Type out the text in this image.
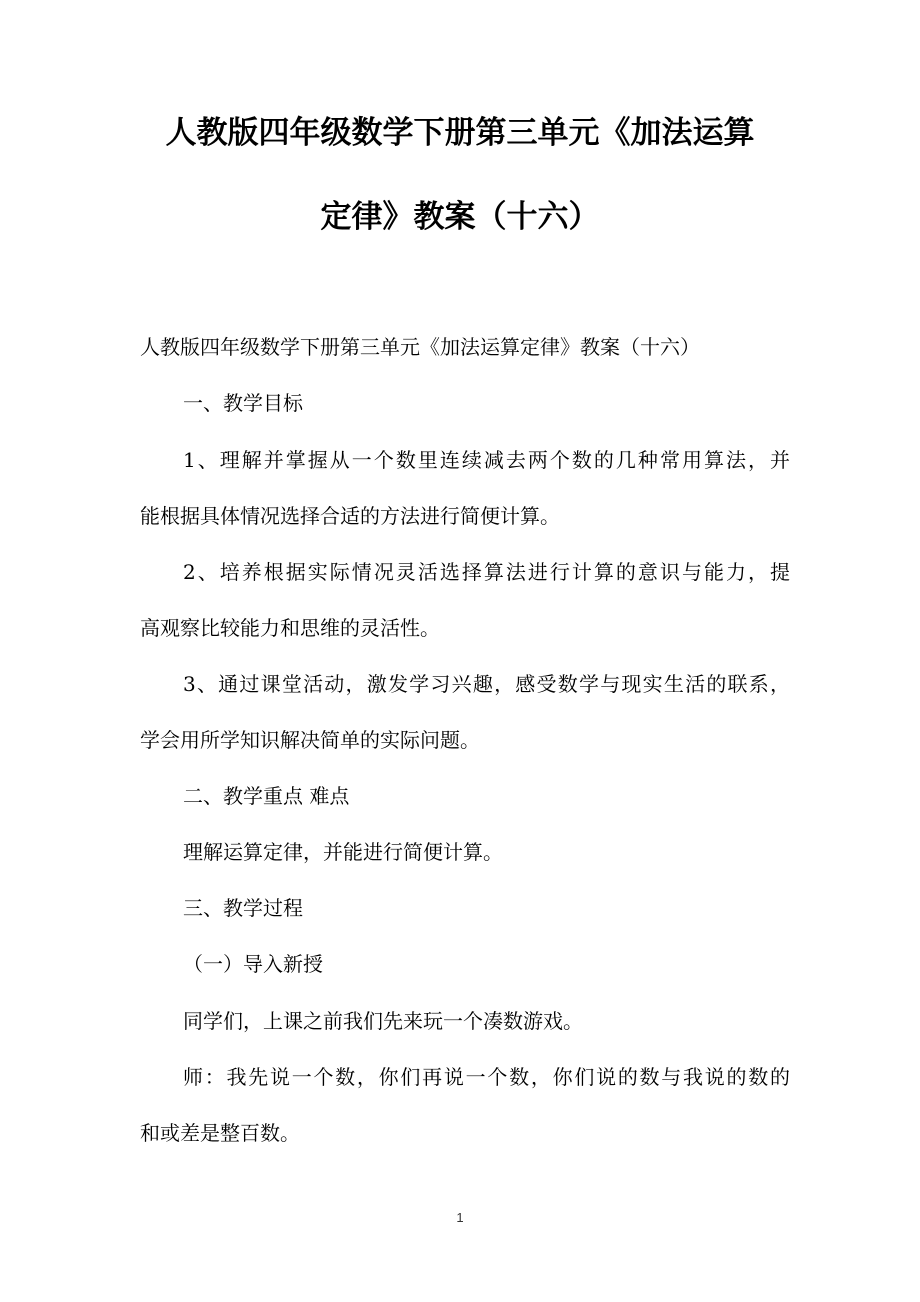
人教版四年级数学下册第三单元《加法运算
定律》教案（十六）
人教版四年级数学下册第三单元《加法运算定律》教案（十六）
一、教学目标
1、理解并掌握从一个数里连续减去两个数的几种常用算法，并
能根据具体情况选择合适的方法进行简便计算。
2、培养根据实际情况灵活选择算法进行计算的意识与能力，提
高观察比较能力和思维的灵活性。
3、通过课堂活动，激发学习兴趣，感受数学与现实生活的联系，
学会用所学知识解决简单的实际问题。
二、教学重点 难点
理解运算定律，并能进行简便计算。
三、教学过程
（一）导入新授
同学们，上课之前我们先来玩一个凑数游戏。
师：我先说一个数，你们再说一个数，你们说的数与我说的数的
和或差是整百数。
1
